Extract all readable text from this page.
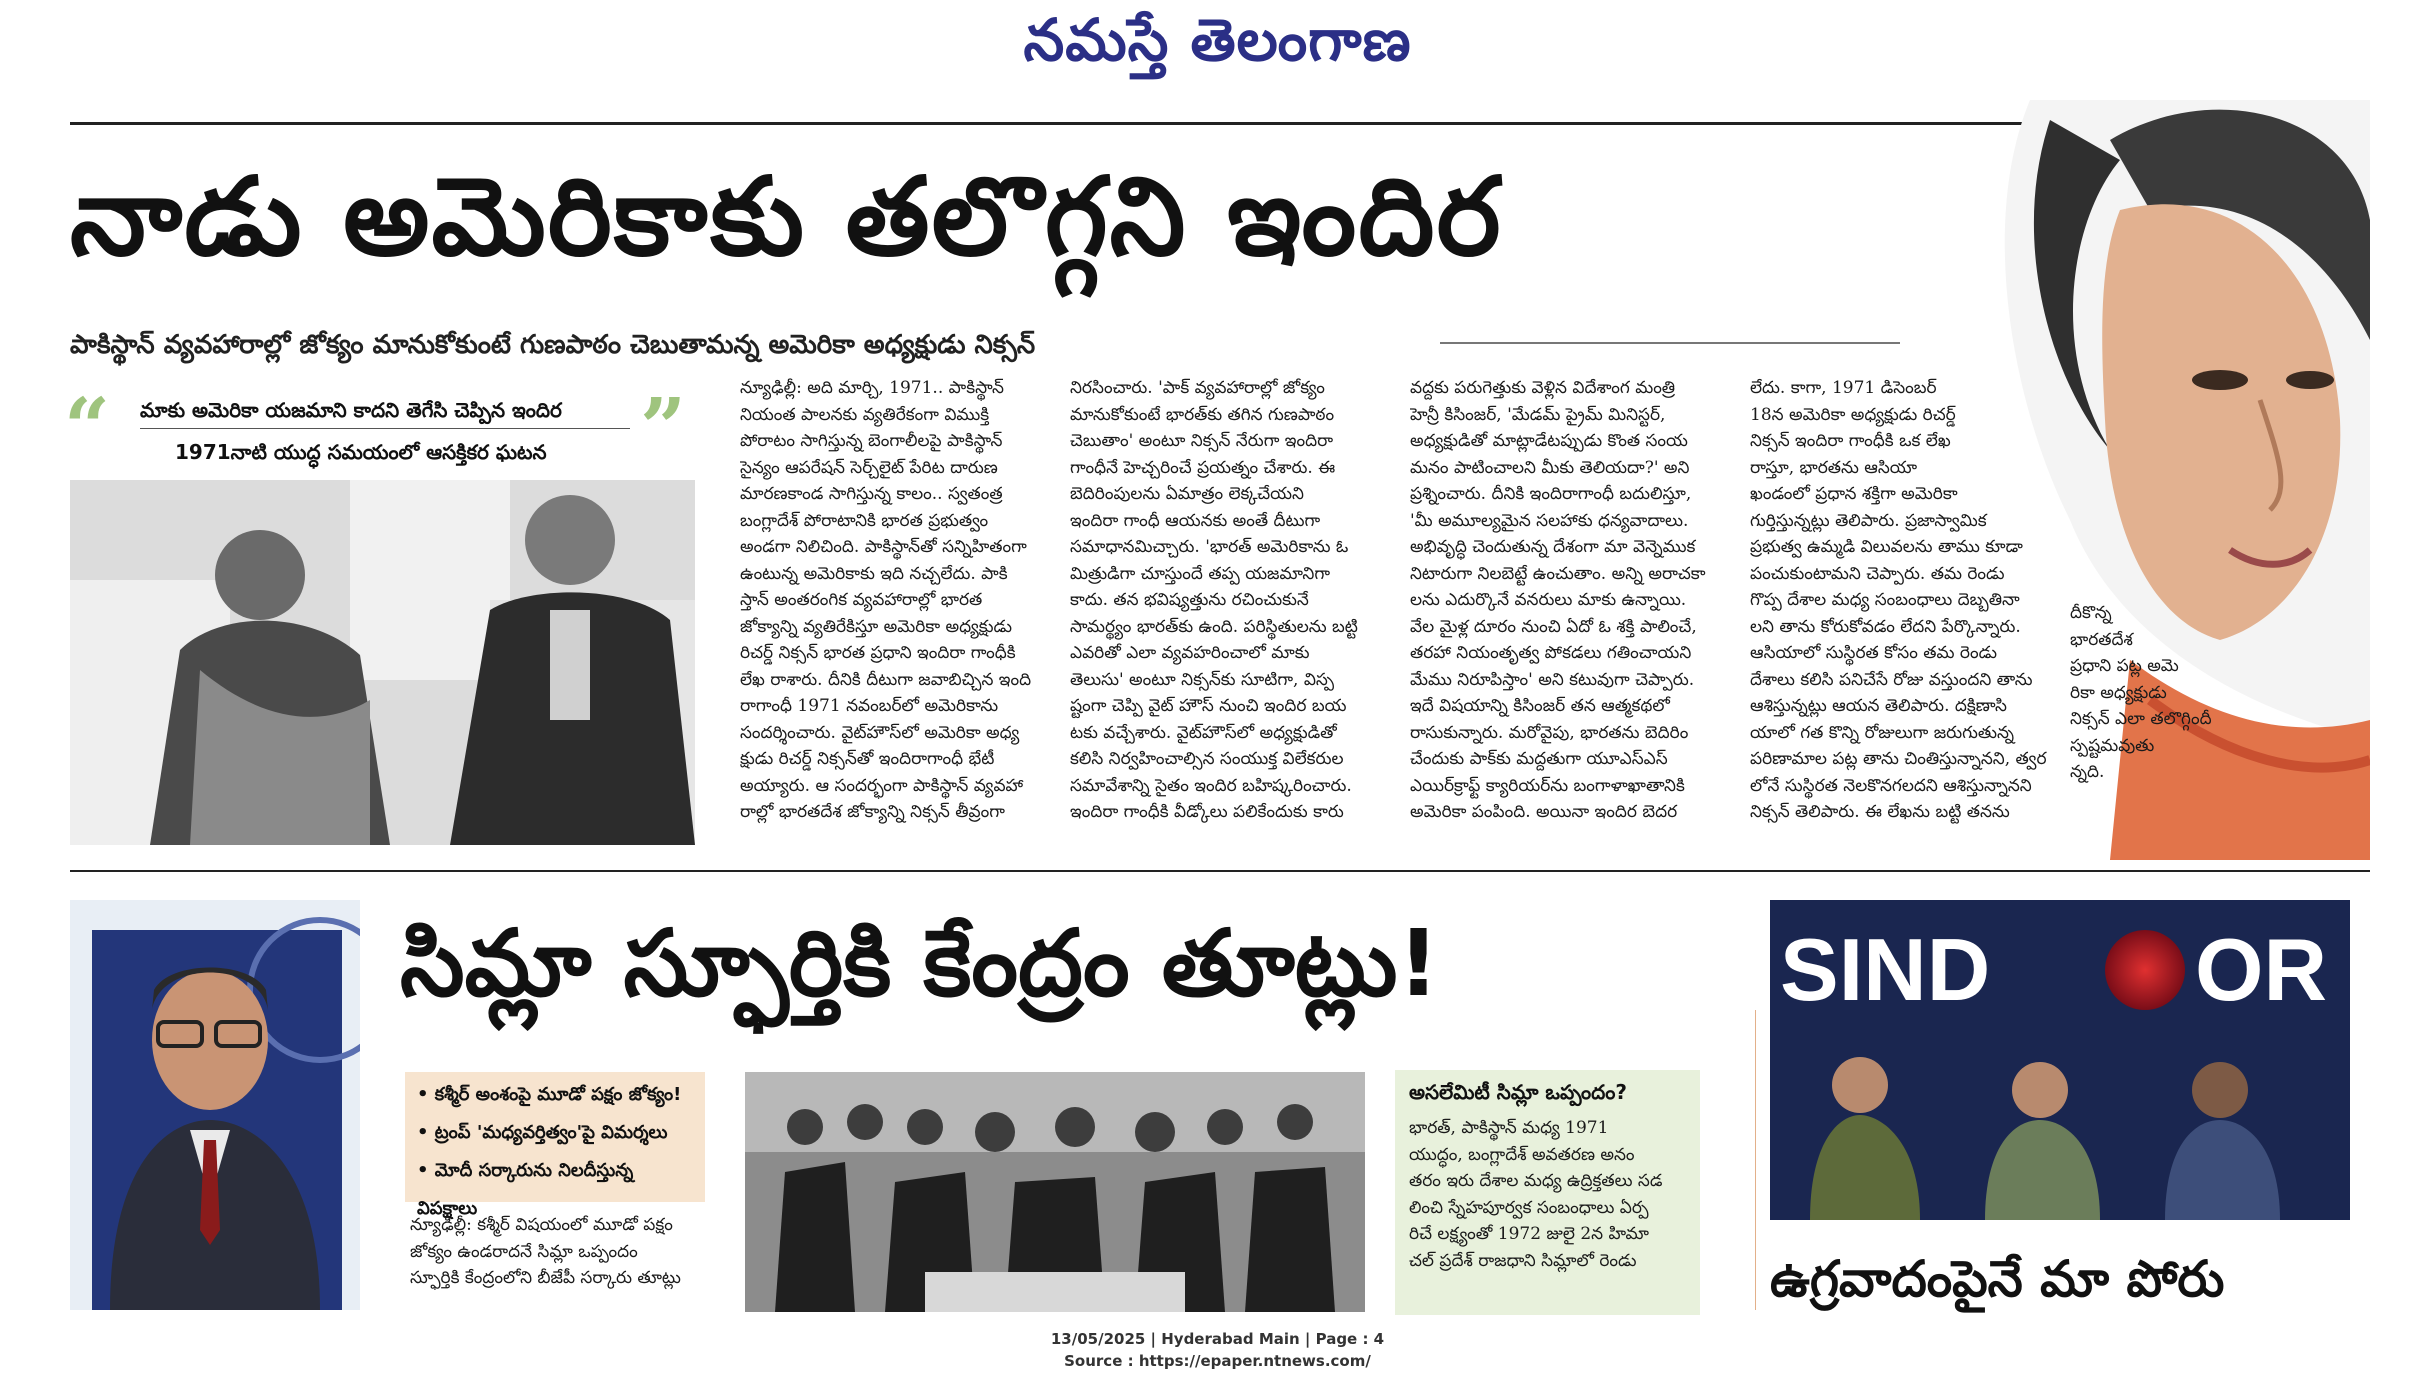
నమస్తే తెలంగాణ
నాడు అమెరికాకు తలొగ్గని ఇందిర
పాకిస్థాన్ వ్యవహారాల్లో జోక్యం మానుకోకుంటే గుణపాఠం చెబుతామన్న అమెరికా అధ్యక్షుడు నిక్సన్
“	”
మాకు అమెరికా యజమాని కాదని తెగేసి చెప్పిన ఇందిర
1971నాటి యుద్ధ సమయంలో ఆసక్తికర ఘటన
న్యూఢిల్లీ: అది మార్చి, 1971.. పాకిస్థాన్
నియంత పాలనకు వ్యతిరేకంగా విముక్తి
పోరాటం సాగిస్తున్న బెంగాలీలపై పాకిస్థాన్
సైన్యం ఆపరేషన్ సెర్చ్‌లైట్ పేరిట దారుణ
మారణకాండ సాగిస్తున్న కాలం.. స్వతంత్ర
బంగ్లాదేశ్ పోరాటానికి భారత ప్రభుత్వం
అండగా నిలిచింది. పాకిస్థాన్‌తో సన్నిహితంగా
ఉంటున్న అమెరికాకు ఇది నచ్చలేదు. పాకి
స్తాన్ అంతరంగిక వ్యవహారాల్లో భారత
జోక్యాన్ని వ్యతిరేకిస్తూ అమెరికా అధ్యక్షుడు
రిచర్డ్ నిక్సన్ భారత ప్రధాని ఇందిరా గాంధీకి
లేఖ రాశారు. దీనికి దీటుగా జవాబిచ్చిన ఇంది
రాగాంధీ 1971 నవంబర్‌లో అమెరికాను
సందర్శించారు. వైట్‌హౌస్‌లో అమెరికా అధ్య
క్షుడు రిచర్డ్ నిక్సన్‌తో ఇందిరాగాంధీ భేటీ
అయ్యారు. ఆ సందర్భంగా పాకిస్థాన్ వ్యవహా
రాల్లో భారతదేశ జోక్యాన్ని నిక్సన్ తీవ్రంగా
నిరసించారు. 'పాక్ వ్యవహారాల్లో జోక్యం
మానుకోకుంటే భారత్‌కు తగిన గుణపాఠం
చెబుతాం' అంటూ నిక్సన్ నేరుగా ఇందిరా
గాంధీనే హెచ్చరించే ప్రయత్నం చేశారు. ఈ
బెదిరింపులను ఏమాత్రం లెక్కచేయని
ఇందిరా గాంధీ ఆయనకు అంతే దీటుగా
సమాధానమిచ్చారు. 'భారత్ అమెరికాను ఓ
మిత్రుడిగా చూస్తుందే తప్ప యజమానిగా
కాదు. తన భవిష్యత్తును రచించుకునే
సామర్థ్యం భారత్‌కు ఉంది. పరిస్థితులను బట్టి
ఎవరితో ఎలా వ్యవహరించాలో మాకు
తెలుసు' అంటూ నిక్సన్‌కు సూటిగా, విస్ప
ష్టంగా చెప్పి వైట్ హౌస్ నుంచి ఇందిర బయ
టకు వచ్చేశారు. వైట్‌హౌస్‌లో అధ్యక్షుడితో
కలిసి నిర్వహించాల్సిన సంయుక్త విలేకరుల
సమావేశాన్ని సైతం ఇందిర బహిష్కరించారు.
ఇందిరా గాంధీకి వీడ్కోలు పలికేందుకు కారు
వద్దకు పరుగెత్తుకు వెళ్లిన విదేశాంగ మంత్రి
హెన్రీ కిసింజర్, 'మేడమ్ ప్రైమ్ మినిస్టర్,
అధ్యక్షుడితో మాట్లాడేటప్పుడు కొంత సంయ
మనం పాటించాలని మీకు తెలియదా?' అని
ప్రశ్నించారు. దీనికి ఇందిరాగాంధీ బదులిస్తూ,
'మీ అమూల్యమైన సలహాకు ధన్యవాదాలు.
అభివృద్ధి చెందుతున్న దేశంగా మా వెన్నెముక
నిటారుగా నిలబెట్టే ఉంచుతాం. అన్ని అరాచకా
లను ఎదుర్కొనే వనరులు మాకు ఉన్నాయి.
వేల మైళ్ల దూరం నుంచి ఏదో ఓ శక్తి పాలించే,
తరహా నియంతృత్వ పోకడలు గతించాయని
మేము నిరూపిస్తాం' అని కటువుగా చెప్పారు.
ఇదే విషయాన్ని కిసింజర్ తన ఆత్మకథలో
రాసుకున్నారు. మరోవైపు, భారతను బెదిరిం
చేందుకు పాక్‌కు మద్దతుగా యూఎస్‌ఎస్
ఎయిర్‌క్రాఫ్ట్ క్యారియర్‌ను బంగాళాఖాతానికి
అమెరికా పంపింది. అయినా ఇందిర బెదర
లేదు. కాగా, 1971 డిసెంబర్
18న అమెరికా అధ్యక్షుడు రిచర్డ్
నిక్సన్ ఇందిరా గాంధీకి ఒక లేఖ
రాస్తూ, భారతను ఆసియా
ఖండంలో ప్రధాన శక్తిగా అమెరికా
గుర్తిస్తున్నట్లు తెలిపారు. ప్రజాస్వామిక
ప్రభుత్వ ఉమ్మడి విలువలను తాము కూడా
పంచుకుంటామని చెప్పారు. తమ రెండు
గొప్ప దేశాల మధ్య సంబంధాలు దెబ్బతినా
లని తాను కోరుకోవడం లేదని పేర్కొన్నారు.
ఆసియాలో సుస్థిరత కోసం తమ రెండు
దేశాలు కలిసి పనిచేసే రోజు వస్తుందని తాను
ఆశిస్తున్నట్లు ఆయన తెలిపారు. దక్షిణాసి
యాలో గత కొన్ని రోజులుగా జరుగుతున్న
పరిణామాల పట్ల తాను చింతిస్తున్నానని, త్వర
లోనే సుస్థిరత నెలకొనగలదని ఆశిస్తున్నానని
నిక్సన్ తెలిపారు. ఈ లేఖను బట్టి తనను
దీకొన్న
భారతదేశ
ప్రధాని పట్ల అమె
రికా అధ్యక్షుడు
నిక్సన్ ఎలా తలొగ్గిందీ
స్పష్టమవుతు
న్నది.
సిమ్లా స్ఫూర్తికి కేంద్రం తూట్లు!
• కశ్మీర్ అంశంపై మూడో పక్షం జోక్యం!
• ట్రంప్ 'మధ్యవర్తిత్వం'పై విమర్శలు
• మోదీ సర్కారును నిలదీస్తున్న విపక్షాలు
న్యూఢిల్లీ: కశ్మీర్ విషయంలో మూడో పక్షం
జోక్యం ఉండరాదనే సిమ్లా ఒప్పందం
స్ఫూర్తికి కేంద్రంలోని బీజేపీ సర్కారు తూట్లు
అసలేమిటీ సిమ్లా ఒప్పందం?
భారత్, పాకిస్థాన్ మధ్య 1971
యుద్ధం, బంగ్లాదేశ్ అవతరణ అనం
తరం ఇరు దేశాల మధ్య ఉద్రిక్తతలు సడ
లించి స్నేహపూర్వక సంబంధాలు ఏర్ప
రిచే లక్ష్యంతో 1972 జులై 2న హిమా
చల్ ప్రదేశ్ రాజధాని సిమ్లాలో రెండు
SIND OR
ఉగ్రవాదంపైనే మా పోరు
13/05/2025 | Hyderabad Main | Page : 4
Source : https://epaper.ntnews.com/
